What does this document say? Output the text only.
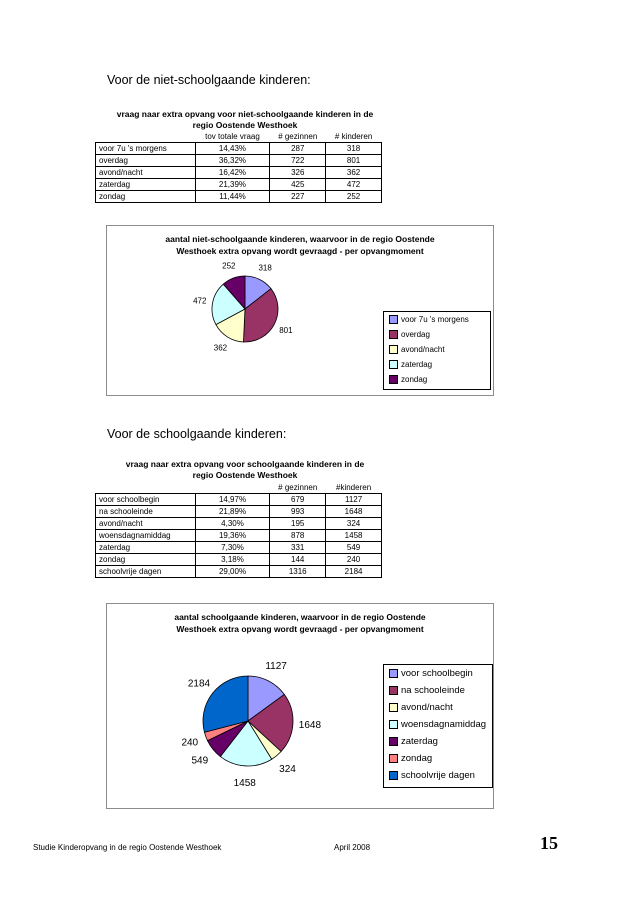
Voor de niet-schoolgaande kinderen:
vraag naar extra opvang voor niet-schoolgaande kinderen in de
regio Oostende Westhoek
	tov totale vraag	# gezinnen	# kinderen
voor 7u 's morgens	14,43%	287	318
overdag	36,32%	722	801
avond/nacht	16,42%	326	362
zaterdag	21,39%	425	472
zondag	11,44%	227	252
aantal niet-schoolgaande kinderen, waarvoor in de regio Oostende
Westhoek extra opvang wordt gevraagd - per opvangmoment
318
801
362
472
252
voor 7u 's morgens
overdag
avond/nacht
zaterdag
zondag
Voor de schoolgaande kinderen:
vraag naar extra opvang voor schoolgaande kinderen in de
regio Oostende Westhoek
		# gezinnen	#kinderen
voor schoolbegin	14,97%	679	1127
na schooleinde	21,89%	993	1648
avond/nacht	4,30%	195	324
woensdagnamiddag	19,36%	878	1458
zaterdag	7,30%	331	549
zondag	3,18%	144	240
schoolvrije dagen	29,00%	1316	2184
aantal schoolgaande kinderen, waarvoor in de regio Oostende
Westhoek extra opvang wordt gevraagd - per opvangmoment
1127
1648
324
1458
549
240
2184
voor schoolbegin
na schooleinde
avond/nacht
woensdagnamiddag
zaterdag
zondag
schoolvrije dagen
Studie Kinderopvang in de regio Oostende Westhoek	April 2008	15
